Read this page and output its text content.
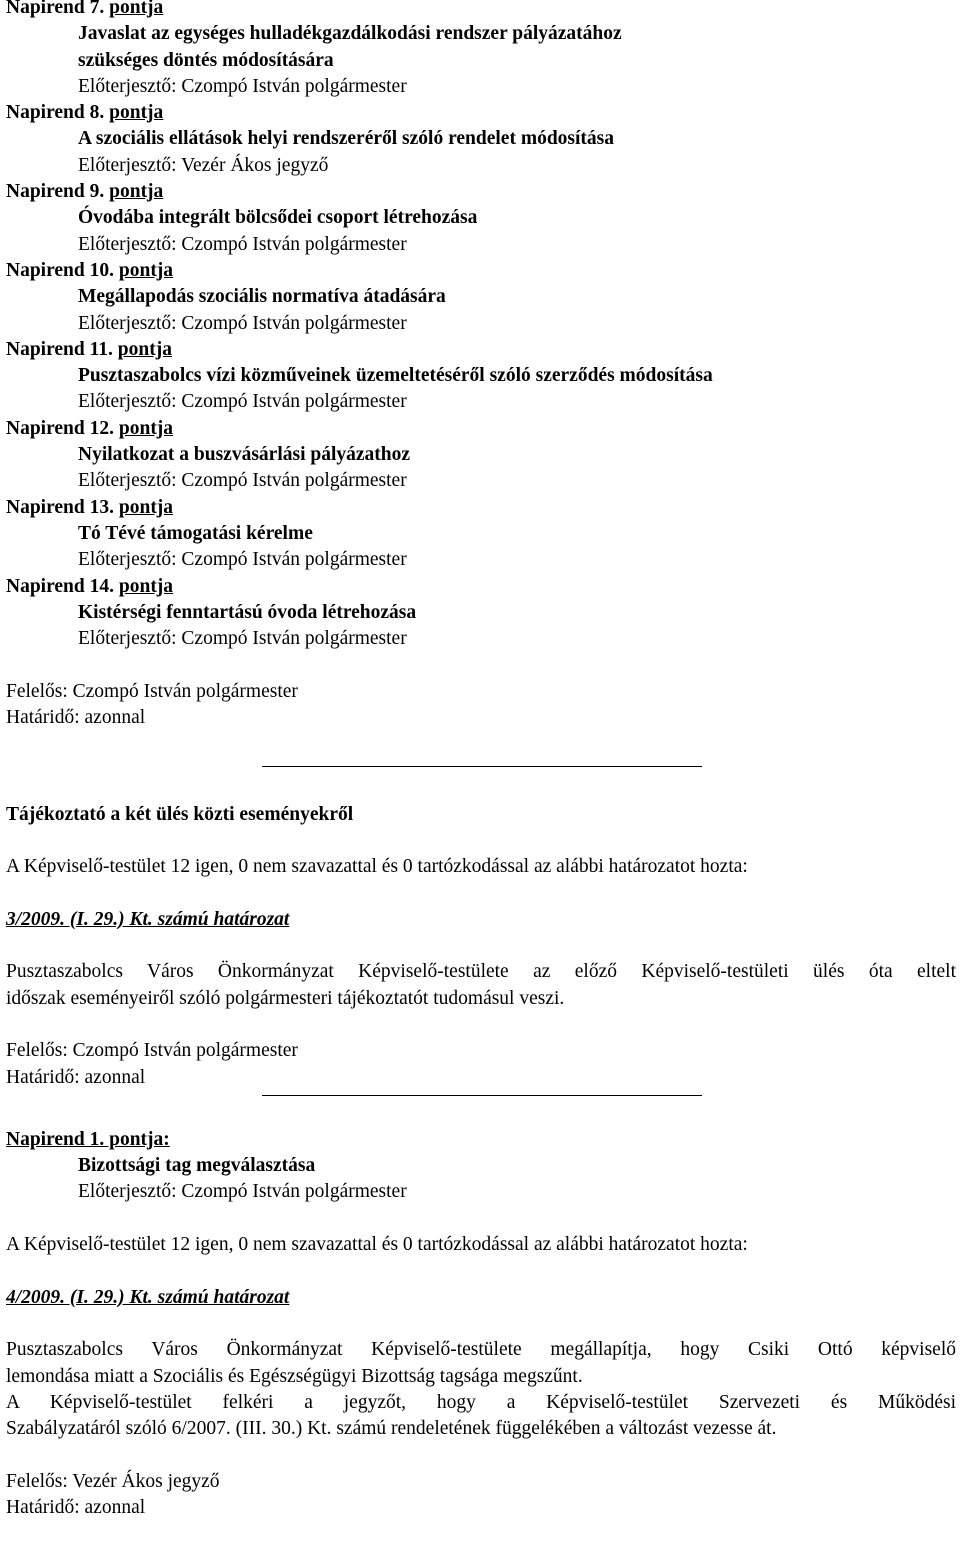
Napirend 7. pontja
Javaslat az egységes hulladékgazdálkodási rendszer pályázatához
szükséges döntés módosítására
Előterjesztő: Czompó István polgármester
Napirend 8. pontja
A szociális ellátások helyi rendszeréről szóló rendelet módosítása
Előterjesztő: Vezér Ákos jegyző
Napirend 9. pontja
Óvodába integrált bölcsődei csoport létrehozása
Előterjesztő: Czompó István polgármester
Napirend 10. pontja
Megállapodás szociális normatíva átadására
Előterjesztő: Czompó István polgármester
Napirend 11. pontja
Pusztaszabolcs vízi közműveinek üzemeltetéséről szóló szerződés módosítása
Előterjesztő: Czompó István polgármester
Napirend 12. pontja
Nyilatkozat a buszvásárlási pályázathoz
Előterjesztő: Czompó István polgármester
Napirend 13. pontja
Tó Tévé támogatási kérelme
Előterjesztő: Czompó István polgármester
Napirend 14. pontja
Kistérségi fenntartású óvoda létrehozása
Előterjesztő: Czompó István polgármester
Felelős: Czompó István polgármester
Határidő: azonnal
Tájékoztató a két ülés közti eseményekről
A Képviselő-testület 12 igen, 0 nem szavazattal és 0 tartózkodással az alábbi határozatot hozta:
3/2009. (I. 29.) Kt. számú határozat
Pusztaszabolcs Város Önkormányzat Képviselő-testülete az előző Képviselő-testületi ülés óta eltelt
időszak eseményeiről szóló polgármesteri tájékoztatót tudomásul veszi.
Felelős: Czompó István polgármester
Határidő: azonnal
Napirend 1. pontja:
Bizottsági tag megválasztása
Előterjesztő: Czompó István polgármester
A Képviselő-testület 12 igen, 0 nem szavazattal és 0 tartózkodással az alábbi határozatot hozta:
4/2009. (I. 29.) Kt. számú határozat
Pusztaszabolcs Város Önkormányzat Képviselő-testülete megállapítja, hogy Csiki Ottó képviselő
lemondása miatt a Szociális és Egészségügyi Bizottság tagsága megszűnt.
A Képviselő-testület felkéri a jegyzőt, hogy a Képviselő-testület Szervezeti és Működési
Szabályzatáról szóló 6/2007. (III. 30.) Kt. számú rendeletének függelékében a változást vezesse át.
Felelős: Vezér Ákos jegyző
Határidő: azonnal
